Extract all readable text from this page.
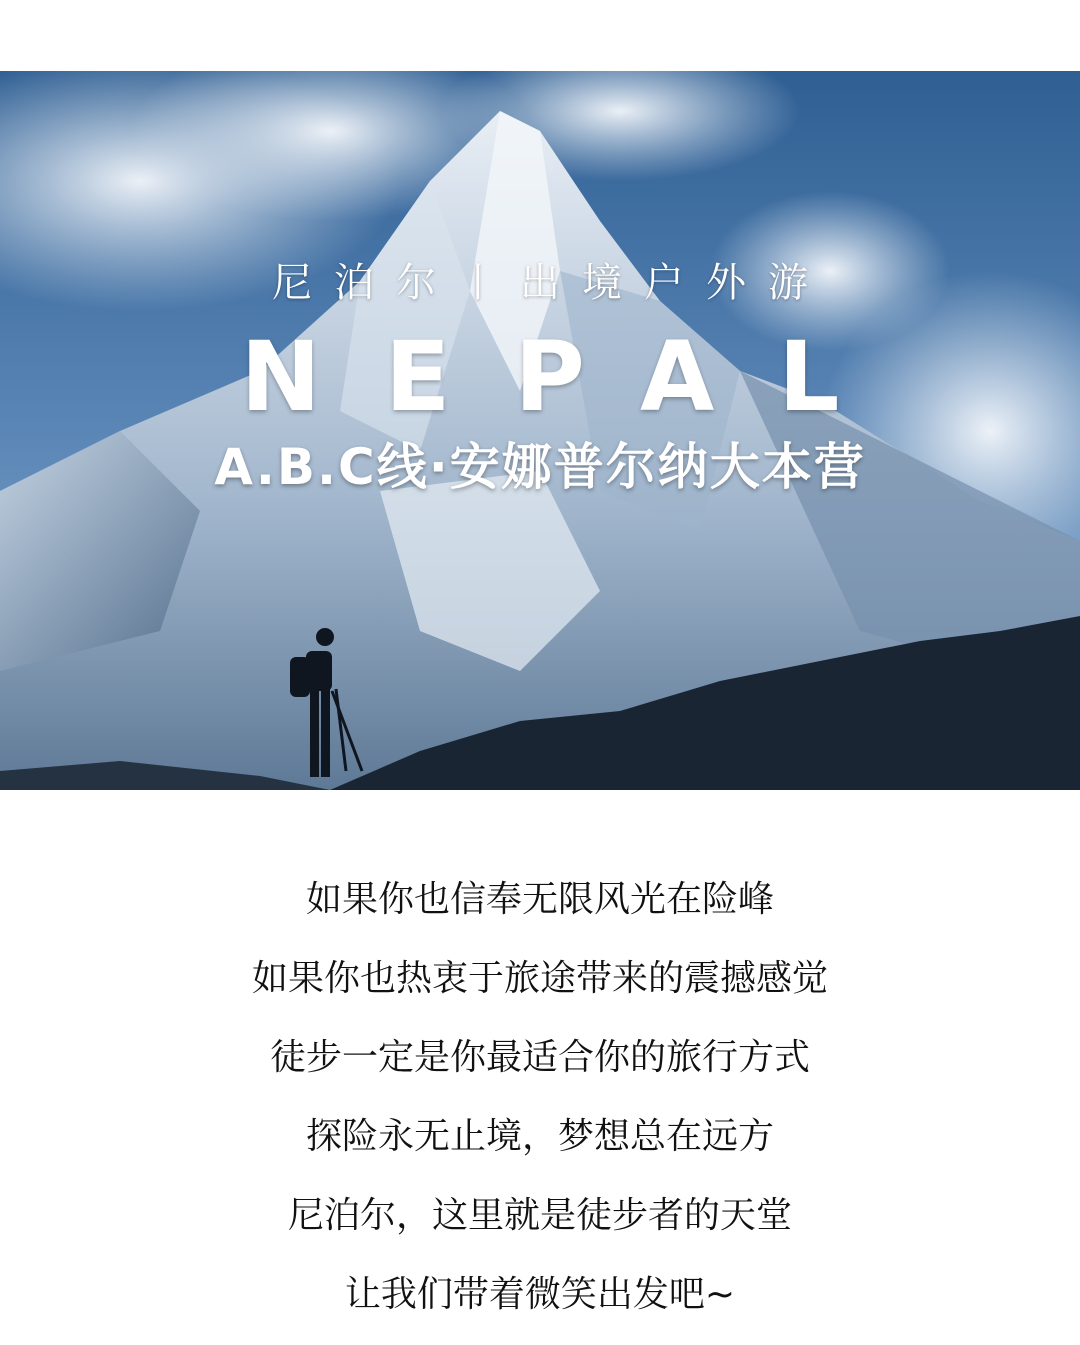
尼泊尔丨出境户外游
NEPAL
A.B.C线·安娜普尔纳大本营
如果你也信奉无限风光在险峰
如果你也热衷于旅途带来的震撼感觉
徒步一定是你最适合你的旅行方式
探险永无止境，梦想总在远方
尼泊尔，这里就是徒步者的天堂
让我们带着微笑出发吧~
